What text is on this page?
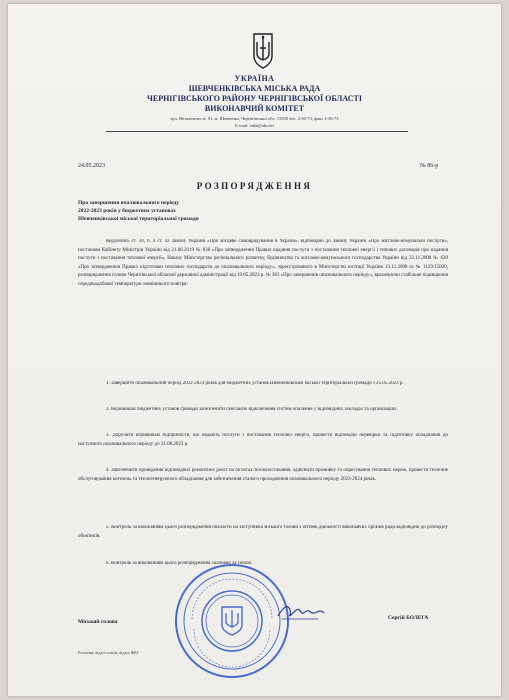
УКРАЇНА
ШЕВЧЕНКІВСЬКА МІСЬКА РАДА
ЧЕРНІГІВСЬКОГО РАЙОНУ ЧЕРНІГІВСЬКОЇ ОБЛАСТІ
ВИКОНАВЧИЙ КОМІТЕТ
вул. Незалежності, 91, м. Шевченко, Чернігівської обл. 15500 тел. 2-30-73, факс 2-30-73
E-mail: rada@ukr.net
24.05.2023	№ 86-р
РОЗПОРЯДЖЕННЯ
Про завершення опалювального періоду
2022-2023 років у бюджетних установах
Шевченківської міської територіальної громади
Керуючись ст. 30, п. 4 ст. 42 Закону України «Про місцеве самоврядування в Україні», відповідно до Закону України «Про житлово-комунальні послуги», постанови Кабінету Міністрів України від 21.08.2019 № 830 «Про затвердження Правил надання послуги з постачання теплової енергії і типових договорів про надання послуги з постачання теплової енергії», Наказу Міністерства регіонального розвитку, будівництва та житлово-комунального господарства України від 22.11.2008 № 620 «Про затвердження Правил підготовки теплових господарств до опалювального періоду», зареєстрованого в Міністерстві юстиції України 13.11.2008 за № 1129/15820, розпорядження голови Чернігівської обласної державної адміністрації від 19.05.2023 р. № 383 «Про завершення опалювального періоду», враховуючи стабільне підвищення середньодобової температури зовнішнього повітря:
1. Завершити опалювальний період 2022-2023 років для бюджетних установ Шевченківської міської територіальної громади з 25.05.2023 р.
2. Керівникам бюджетних установ громади забезпечити своєчасне відключення систем опалення у відповідних закладах та організаціях.
3. Доручити керівникам підприємств, що надають послуги з постачання теплової енергії, провести відповідні перевірки та підготовку обладнання до наступного опалювального періоду до 31.08.2023 р.
4. Забезпечити проведення відповідних ремонтних робіт на об'єктах теплопостачання, здійснити промивку та опресування теплових мереж, провести технічне обслуговування котелень та теплогенеруючого обладнання для забезпечення сталого проходження опалювального періоду 2023-2024 років.
5. Контроль за виконанням цього розпорядження покласти на заступника міського голови з питань діяльності виконавчих органів ради відповідно до розподілу обов'язків.
6. Контроль за виконанням цього розпорядження залишаю за собою.
Міський голова
Сергій БОЛЕГА
Розсилка: відділ освіти, відділ ЖКГ
